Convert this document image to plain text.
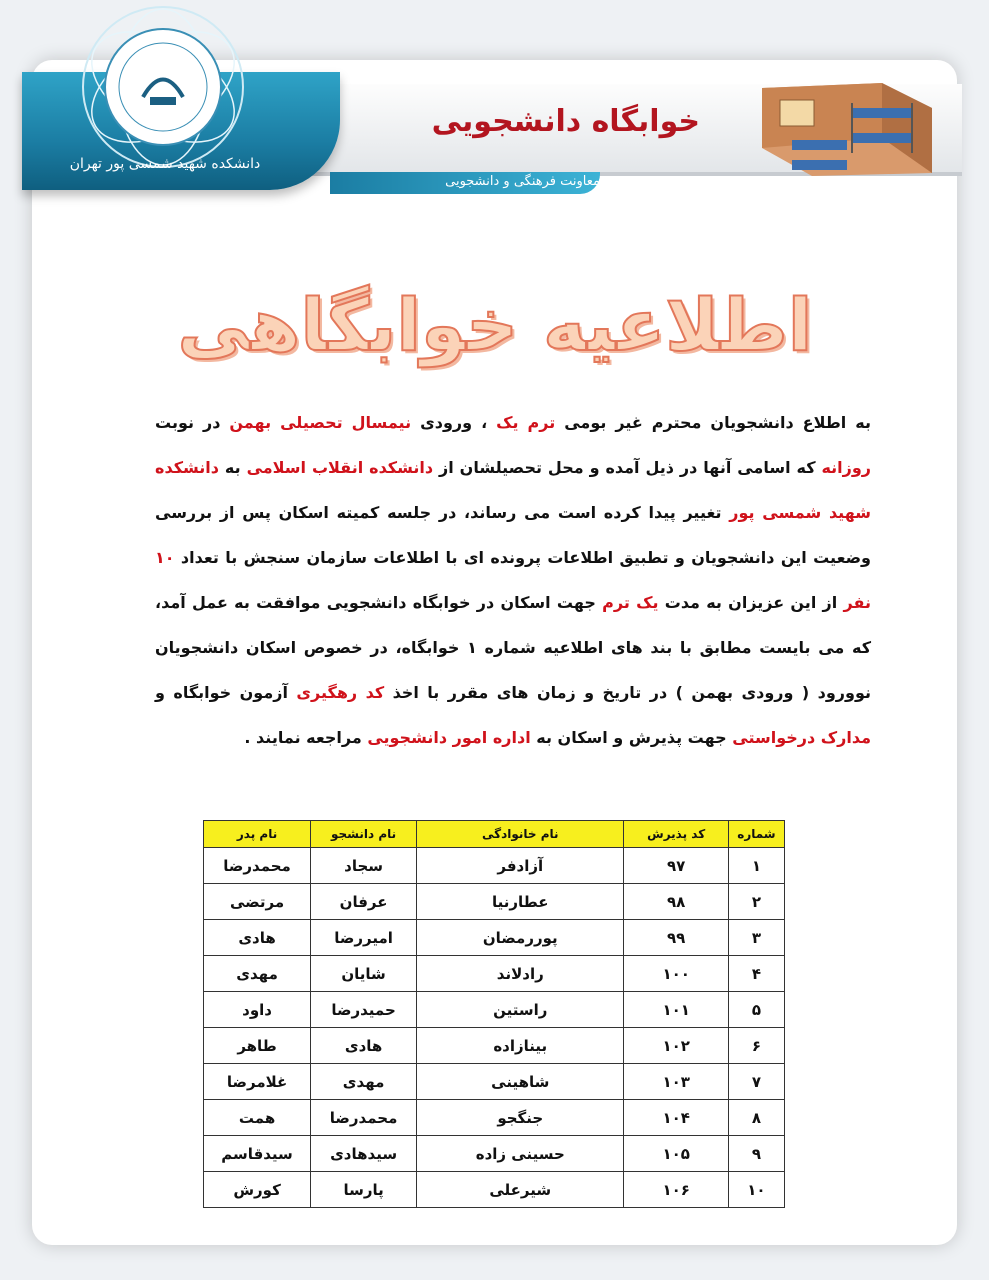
معاونت فرهنگی و دانشجویی
دانشکده شهید شمسی پور تهران
خوابگاه دانشجویی
اطلاعیه خوابگاهی
به اطلاع دانشجویان محترم غیر بومی ترم یک ، ورودی نیمسال تحصیلی بهمن در نوبت روزانه که اسامی آنها در ذیل آمده و محل تحصیلشان از دانشکده انقلاب اسلامی به دانشکده شهید شمسی پور تغییر پیدا کرده است می رساند، در جلسه کمیته اسکان پس از بررسی وضعیت این دانشجویان و تطبیق اطلاعات پرونده ای با اطلاعات سازمان سنجش با تعداد ۱۰ نفر از این عزیزان به مدت یک ترم جهت اسکان در خوابگاه دانشجویی موافقت به عمل آمد، که می بایست مطابق با بند های اطلاعیه شماره ۱ خوابگاه، در خصوص اسکان دانشجویان نوورود ( ورودی بهمن ) در تاریخ و زمان های مقرر با اخذ کد رهگیری آزمون خوابگاه و مدارک درخواستی جهت پذیرش و اسکان به اداره امور دانشجویی مراجعه نمایند .
شماره	کد پذیرش	نام خانوادگی	نام دانشجو	نام پدر
۱	۹۷	آزادفر	سجاد	محمدرضا
۲	۹۸	عطارنیا	عرفان	مرتضی
۳	۹۹	پوررمضان	امیررضا	هادی
۴	۱۰۰	رادلاند	شایان	مهدی
۵	۱۰۱	راستین	حمیدرضا	داود
۶	۱۰۲	بینازاده	هادی	طاهر
۷	۱۰۳	شاهینی	مهدی	غلامرضا
۸	۱۰۴	جنگجو	محمدرضا	همت
۹	۱۰۵	حسینی زاده	سیدهادی	سیدقاسم
۱۰	۱۰۶	شیرعلی	پارسا	کورش
